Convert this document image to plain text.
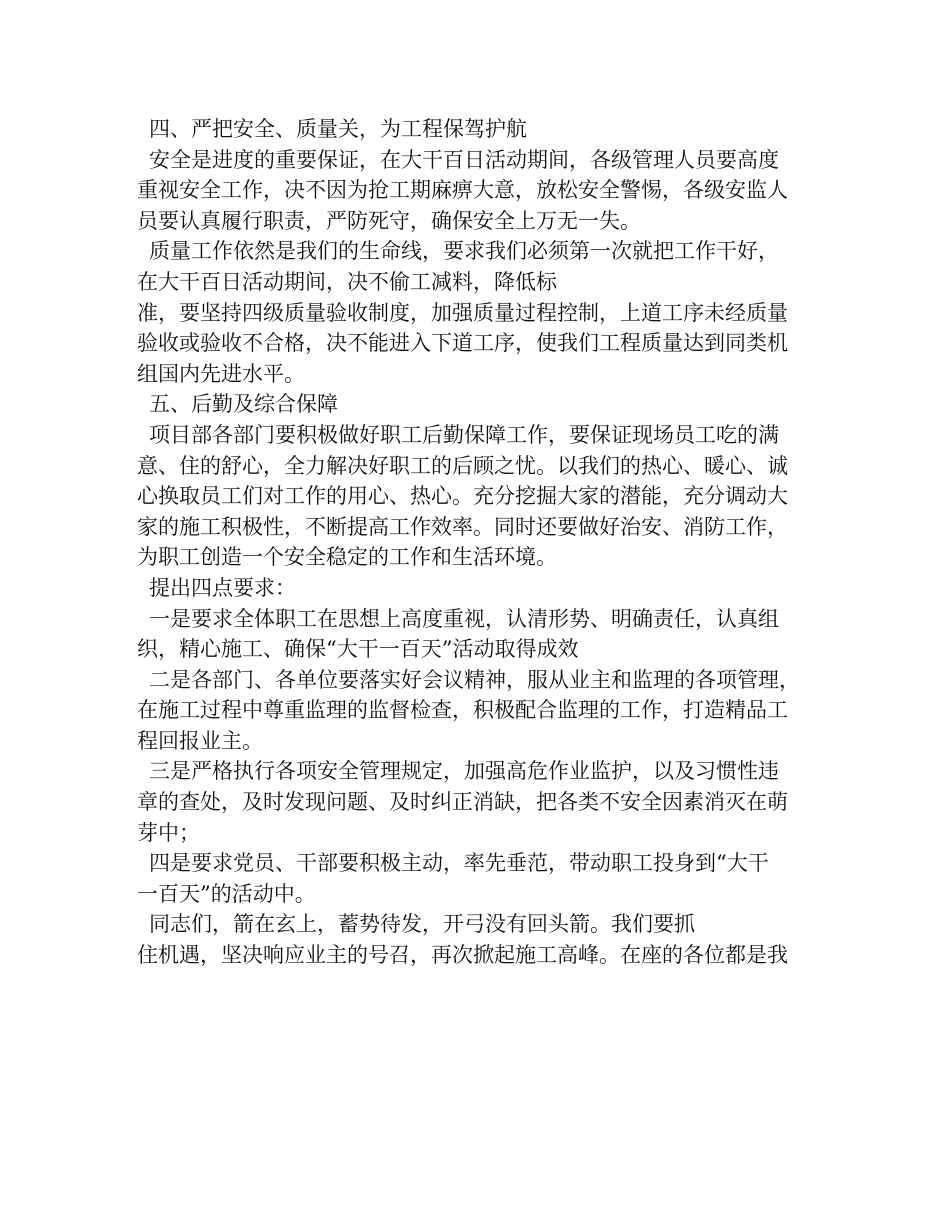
四、严把安全、质量关，为工程保驾护航
安全是进度的重要保证，在大干百日活动期间，各级管理人员要高度
重视安全工作，决不因为抢工期麻痹大意，放松安全警惕，各级安监人
员要认真履行职责，严防死守，确保安全上万无一失。
质量工作依然是我们的生命线，要求我们必须第一次就把工作干好，
在大干百日活动期间，决不偷工减料，降低标
准，要坚持四级质量验收制度，加强质量过程控制，上道工序未经质量
验收或验收不合格，决不能进入下道工序，使我们工程质量达到同类机
组国内先进水平。
五、后勤及综合保障
项目部各部门要积极做好职工后勤保障工作，要保证现场员工吃的满
意、住的舒心，全力解决好职工的后顾之忧。以我们的热心、暖心、诚
心换取员工们对工作的用心、热心。充分挖掘大家的潜能，充分调动大
家的施工积极性，不断提高工作效率。同时还要做好治安、消防工作，
为职工创造一个安全稳定的工作和生活环境。
提出四点要求：
一是要求全体职工在思想上高度重视，认清形势、明确责任，认真组
织，精心施工、确保“大干一百天”活动取得成效
二是各部门、各单位要落实好会议精神，服从业主和监理的各项管理，
在施工过程中尊重监理的监督检查，积极配合监理的工作，打造精品工
程回报业主。
三是严格执行各项安全管理规定，加强高危作业监护，以及习惯性违
章的查处，及时发现问题、及时纠正消缺，把各类不安全因素消灭在萌
芽中；
四是要求党员、干部要积极主动，率先垂范，带动职工投身到“大干
一百天”的活动中。
同志们，箭在玄上，蓄势待发，开弓没有回头箭。我们要抓
住机遇，坚决响应业主的号召，再次掀起施工高峰。在座的各位都是我
